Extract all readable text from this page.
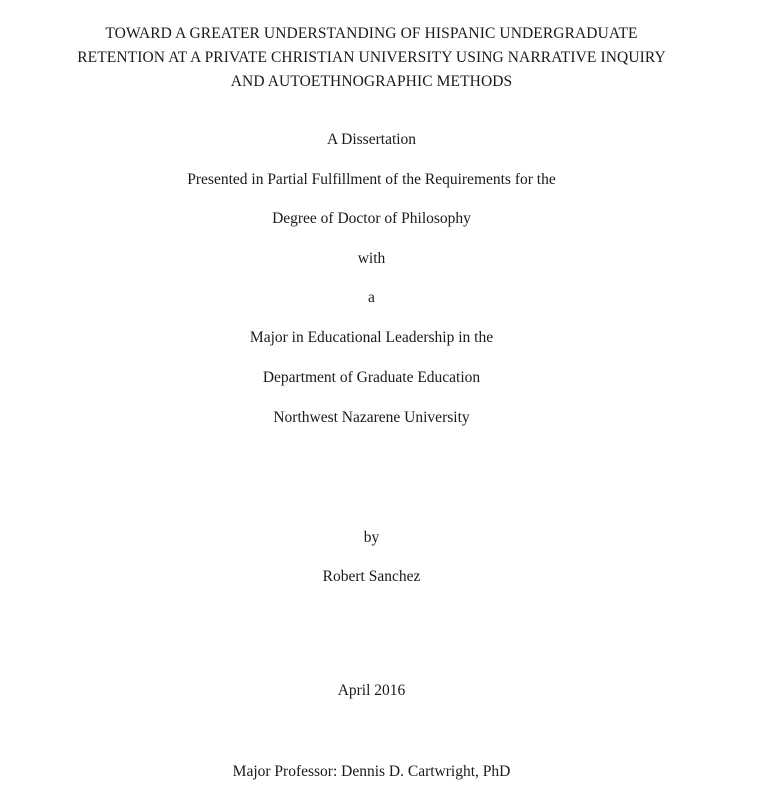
TOWARD A GREATER UNDERSTANDING OF HISPANIC UNDERGRADUATE
RETENTION AT A PRIVATE CHRISTIAN UNIVERSITY USING NARRATIVE INQUIRY
AND AUTOETHNOGRAPHIC METHODS
A Dissertation
Presented in Partial Fulfillment of the Requirements for the
Degree of Doctor of Philosophy
with
a
Major in Educational Leadership in the
Department of Graduate Education
Northwest Nazarene University
by
Robert Sanchez
April 2016
Major Professor: Dennis D. Cartwright, PhD
